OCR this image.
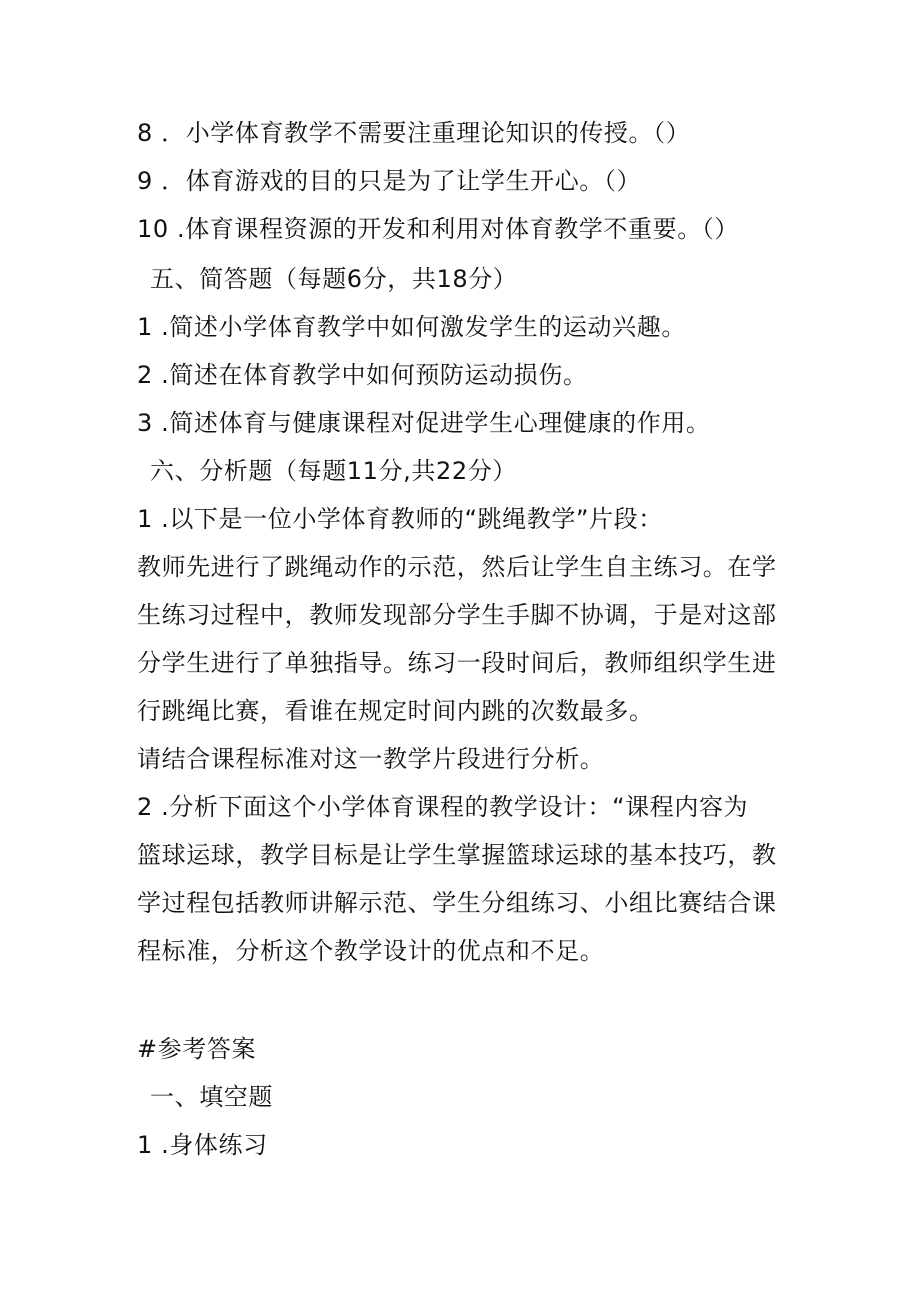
8 ．小学体育教学不需要注重理论知识的传授。（）
9 ．体育游戏的目的只是为了让学生开心。（）
10 .体育课程资源的开发和利用对体育教学不重要。（）
五、简答题（每题6分，共18分）
1 .简述小学体育教学中如何激发学生的运动兴趣。
2 .简述在体育教学中如何预防运动损伤。
3 .简述体育与健康课程对促进学生心理健康的作用。
六、分析题（每题11分,共22分）
1 .以下是一位小学体育教师的“跳绳教学”片段：
教师先进行了跳绳动作的示范，然后让学生自主练习。在学
生练习过程中，教师发现部分学生手脚不协调，于是对这部
分学生进行了单独指导。练习一段时间后，教师组织学生进
行跳绳比赛，看谁在规定时间内跳的次数最多。
请结合课程标准对这一教学片段进行分析。
2 .分析下面这个小学体育课程的教学设计：“课程内容为
篮球运球，教学目标是让学生掌握篮球运球的基本技巧，教
学过程包括教师讲解示范、学生分组练习、小组比赛结合课
程标准，分析这个教学设计的优点和不足。
#参考答案
一、填空题
1 .身体练习
